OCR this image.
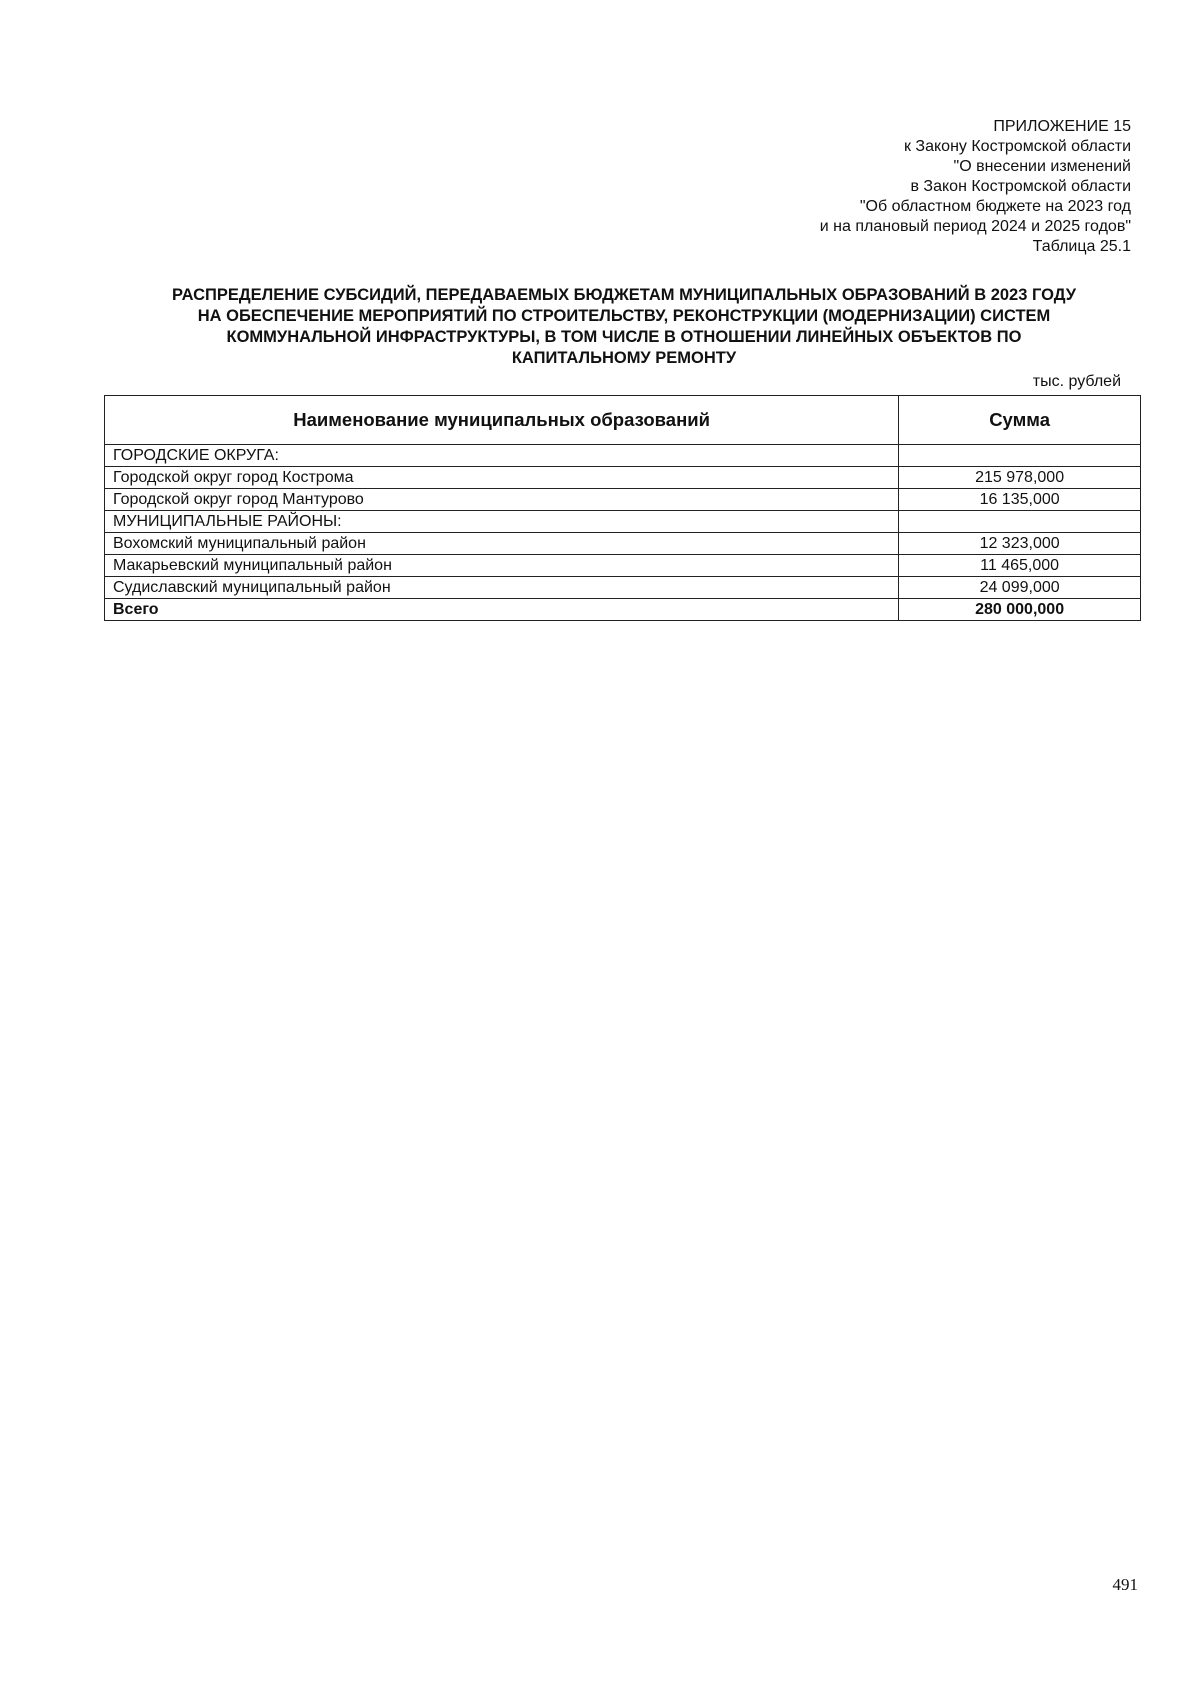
ПРИЛОЖЕНИЕ 15
к Закону Костромской области
"О внесении изменений
в Закон Костромской области
"Об областном бюджете на 2023 год
и на плановый период 2024 и 2025 годов"
Таблица 25.1
РАСПРЕДЕЛЕНИЕ СУБСИДИЙ, ПЕРЕДАВАЕМЫХ БЮДЖЕТАМ МУНИЦИПАЛЬНЫХ ОБРАЗОВАНИЙ В 2023 ГОДУ
НА ОБЕСПЕЧЕНИЕ МЕРОПРИЯТИЙ ПО СТРОИТЕЛЬСТВУ, РЕКОНСТРУКЦИИ (МОДЕРНИЗАЦИИ) СИСТЕМ
КОММУНАЛЬНОЙ ИНФРАСТРУКТУРЫ, В ТОМ ЧИСЛЕ В ОТНОШЕНИИ ЛИНЕЙНЫХ ОБЪЕКТОВ ПО
КАПИТАЛЬНОМУ РЕМОНТУ
тыс. рублей
Наименование муниципальных образований	Сумма
ГОРОДСКИЕ ОКРУГА:	
Городской округ город Кострома	215 978,000
Городской округ город Мантурово	16 135,000
МУНИЦИПАЛЬНЫЕ РАЙОНЫ:	
Вохомский муниципальный район	12 323,000
Макарьевский муниципальный район	11 465,000
Судиславский муниципальный район	24 099,000
Всего	280 000,000
491
